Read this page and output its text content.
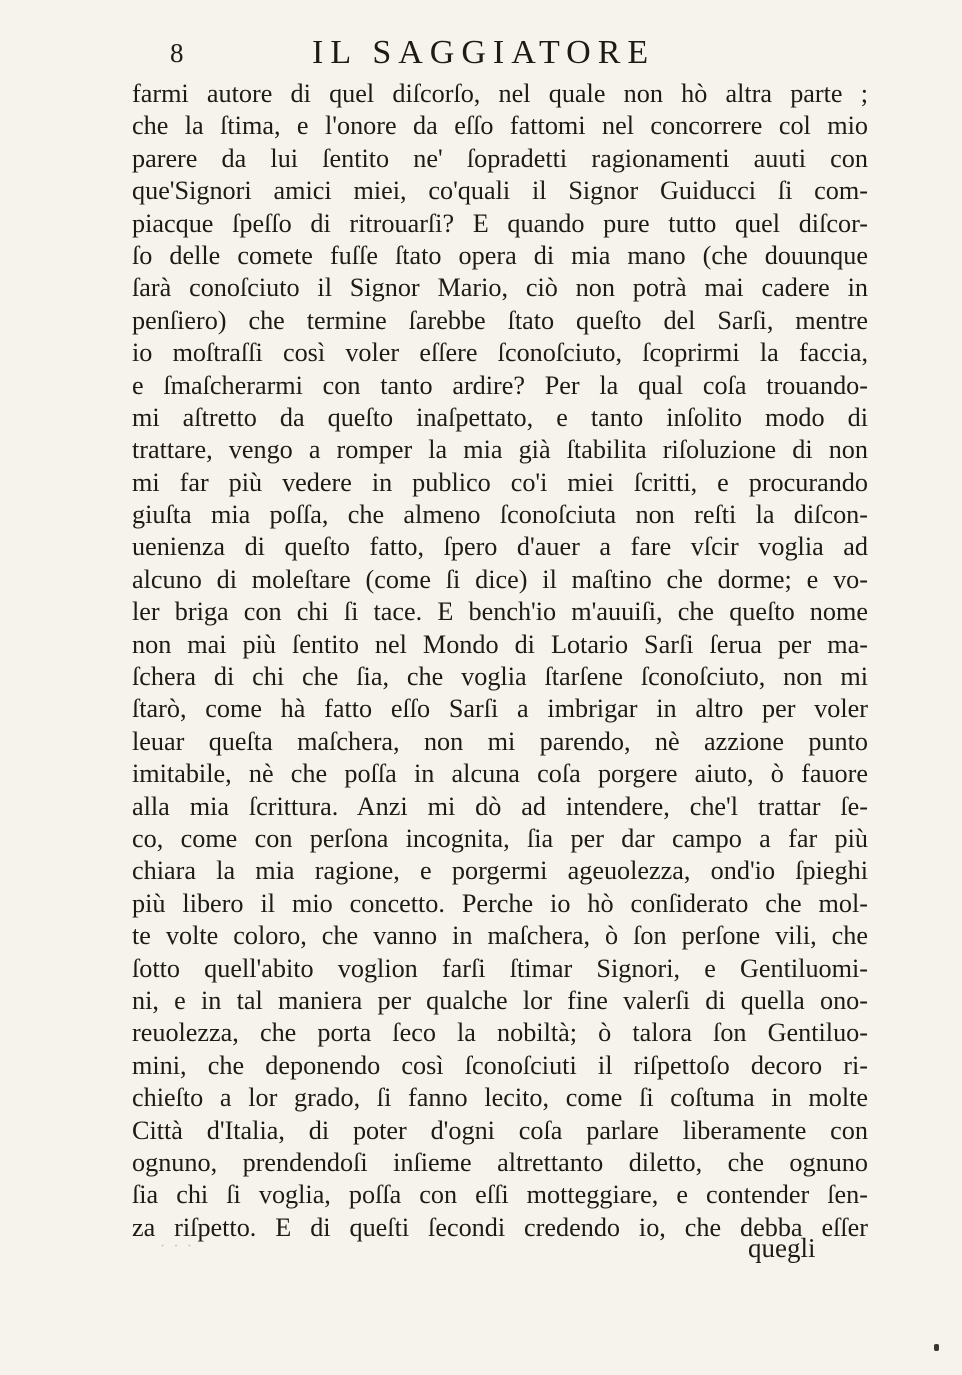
8	IL SAGGIATORE
farmi autore di quel diſcorſo, nel quale non hò altra parte ;
che la ſtima, e l'onore da eſſo fattomi nel concorrere col mio
parere da lui ſentito ne' ſopradetti ragionamenti auuti con
que'Signori amici miei, co'quali il Signor Guiducci ſi com-
piacque ſpeſſo di ritrouarſi? E quando pure tutto quel diſcor-
ſo delle comete fuſſe ſtato opera di mia mano (che douunque
ſarà conoſciuto il Signor Mario, ciò non potrà mai cadere in
penſiero) che termine ſarebbe ſtato queſto del Sarſi, mentre
io moſtraſſi così voler eſſere ſconoſciuto, ſcoprirmi la faccia,
e ſmaſcherarmi con tanto ardire? Per la qual coſa trouando-
mi aſtretto da queſto inaſpettato, e tanto inſolito modo di
trattare, vengo a romper la mia già ſtabilita riſoluzione di non
mi far più vedere in publico co'i miei ſcritti, e procurando
giuſta mia poſſa, che almeno ſconoſciuta non reſti la diſcon-
uenienza di queſto fatto, ſpero d'auer a fare vſcir voglia ad
alcuno di moleſtare (come ſi dice) il maſtino che dorme; e vo-
ler briga con chi ſi tace. E bench'io m'auuiſi, che queſto nome
non mai più ſentito nel Mondo di Lotario Sarſi ſerua per ma-
ſchera di chi che ſia, che voglia ſtarſene ſconoſciuto, non mi
ſtarò, come hà fatto eſſo Sarſi a imbrigar in altro per voler
leuar queſta maſchera, non mi parendo, nè azzione punto
imitabile, nè che poſſa in alcuna coſa porgere aiuto, ò fauore
alla mia ſcrittura. Anzi mi dò ad intendere, che'l trattar ſe-
co, come con perſona incognita, ſia per dar campo a far più
chiara la mia ragione, e porgermi ageuolezza, ond'io ſpieghi
più libero il mio concetto. Perche io hò conſiderato che mol-
te volte coloro, che vanno in maſchera, ò ſon perſone vili, che
ſotto quell'abito voglion farſi ſtimar Signori, e Gentiluomi-
ni, e in tal maniera per qualche lor fine valerſi di quella ono-
reuolezza, che porta ſeco la nobiltà; ò talora ſon Gentiluo-
mini, che deponendo così ſconoſciuti il riſpettoſo decoro ri-
chieſto a lor grado, ſi fanno lecito, come ſi coſtuma in molte
Città d'Italia, di poter d'ogni coſa parlare liberamente con
ognuno, prendendoſi inſieme altrettanto diletto, che ognuno
ſia chi ſi voglia, poſſa con eſſi motteggiare, e contender ſen-
za riſpetto. E di queſti ſecondi credendo io, che debba eſſer
· · ·	quegli
